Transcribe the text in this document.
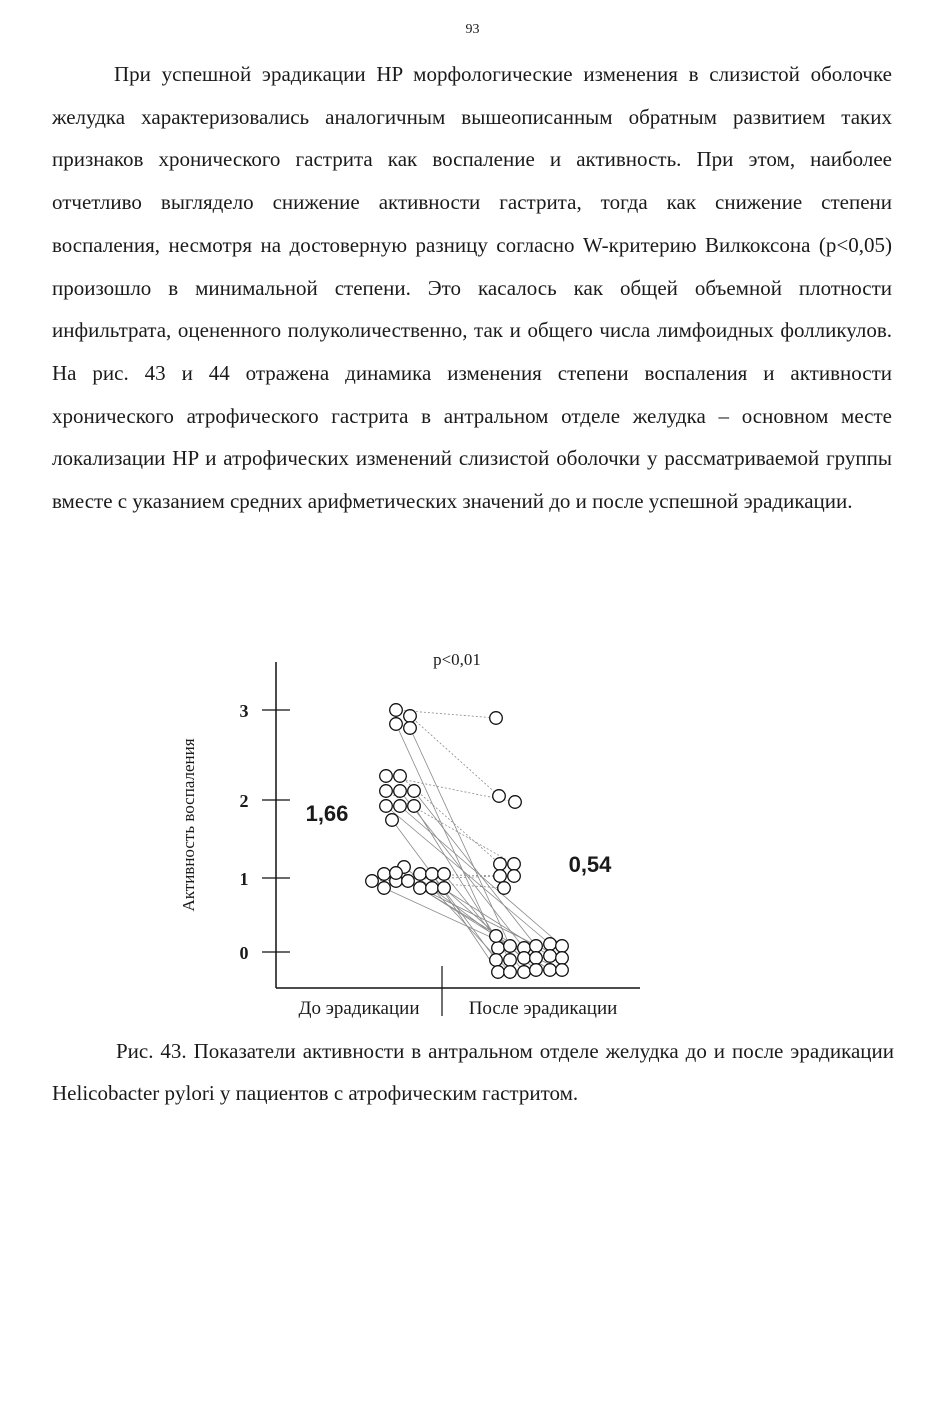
93

При успешной эрадикации HP морфологические изменения в слизистой оболочке желудка характеризовались аналогичным вышеописанным обратным развитием таких признаков хронического гастрита как воспаление и активность. При этом, наиболее отчетливо выглядело снижение активности гастрита, тогда как снижение степени воспаления, несмотря на достоверную разницу согласно W-критерию Вилкоксона (p<0,05) произошло в минимальной степени. Это касалось как общей объемной плотности инфильтрата, оцененного полуколичественно, так и общего числа лимфоидных фолликулов. На рис. 43 и 44 отражена динамика изменения степени воспаления и активности хронического атрофического гастрита в антральном отделе желудка – основном месте локализации HP и атрофических изменений слизистой оболочки у рассматриваемой группы вместе с указанием средних арифметических значений до и после успешной эрадикации.

0
1
2
3
Активность воспаления
p<0,01
1,66
0,54
До эрадикации	После эрадикации

Рис. 43. Показатели активности в антральном отделе желудка до и после эрадикации Helicobacter pylori у пациентов с атрофическим гастритом.
